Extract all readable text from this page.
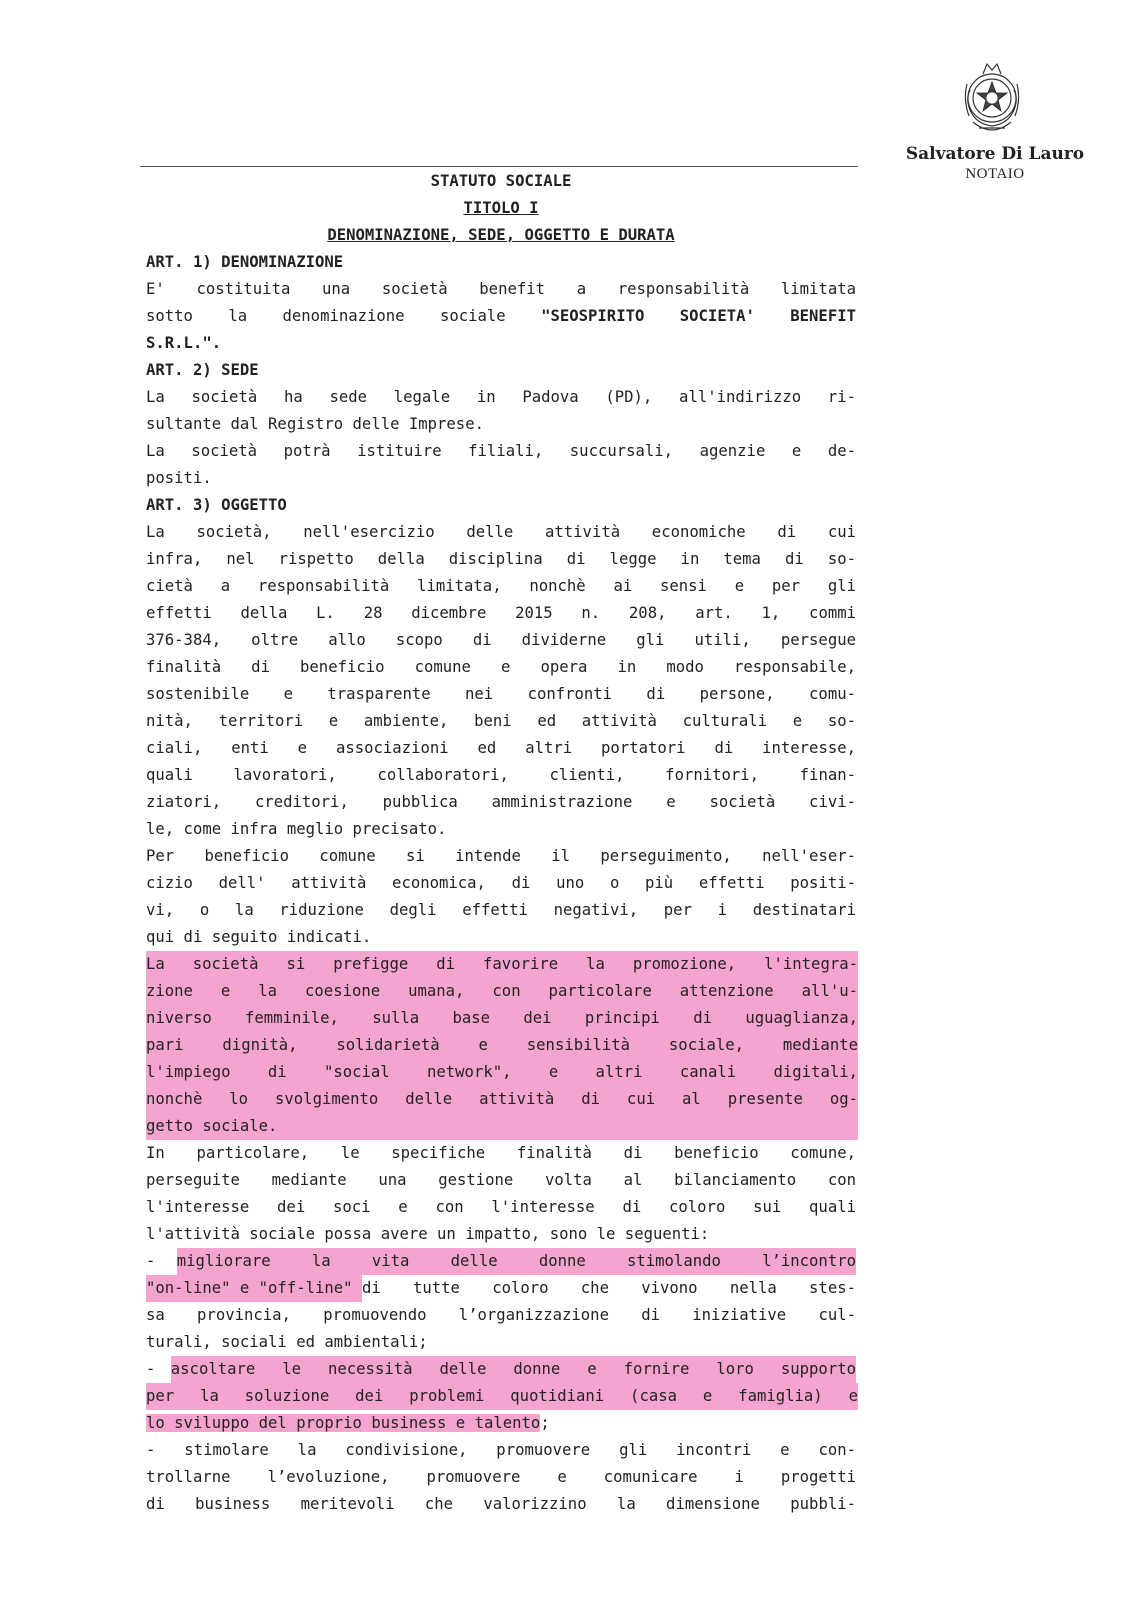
Salvatore Di Lauro
NOTAIO
STATUTO SOCIALE
TITOLO I
DENOMINAZIONE, SEDE, OGGETTO E DURATA
ART. 1) DENOMINAZIONE
E' costituita una società benefit a responsabilità limitata
sotto la denominazione sociale "SEOSPIRITO SOCIETA' BENEFIT
S.R.L.".
ART. 2) SEDE
La società ha sede legale in Padova (PD), all'indirizzo ri-
sultante dal Registro delle Imprese.
La società potrà istituire filiali, succursali, agenzie e de-
positi.
ART. 3) OGGETTO
La società, nell'esercizio delle attività economiche di cui
infra, nel rispetto della disciplina di legge in tema di so-
cietà a responsabilità limitata, nonchè ai sensi e per gli
effetti della L. 28 dicembre 2015 n. 208, art. 1, commi
376-384, oltre allo scopo di dividerne gli utili, persegue
finalità di beneficio comune e opera in modo responsabile,
sostenibile e trasparente nei confronti di persone, comu-
nità, territori e ambiente, beni ed attività culturali e so-
ciali, enti e associazioni ed altri portatori di interesse,
quali lavoratori, collaboratori, clienti, fornitori, finan-
ziatori, creditori, pubblica amministrazione e società civi-
le, come infra meglio precisato.
Per beneficio comune si intende il perseguimento, nell'eser-
cizio dell' attività economica, di uno o più effetti positi-
vi, o la riduzione degli effetti negativi, per i destinatari
qui di seguito indicati.
La società si prefigge di favorire la promozione, l'integra-
zione e la coesione umana, con particolare attenzione all'u-
niverso femminile, sulla base dei principi di uguaglianza,
pari dignità, solidarietà e sensibilità sociale, mediante
l'impiego di "social network", e altri canali digitali,
nonchè lo svolgimento delle attività di cui al presente og-
getto sociale.
In particolare, le specifiche finalità di beneficio comune,
perseguite mediante una gestione volta al bilanciamento con
l'interesse dei soci e con l'interesse di coloro sui quali
l'attività sociale possa avere un impatto, sono le seguenti:
- migliorare la vita delle donne stimolando l’incontro
"on-line" e "off-line" di tutte coloro che vivono nella stes-
sa provincia, promuovendo l’organizzazione di iniziative cul-
turali, sociali ed ambientali;
- ascoltare le necessità delle donne e fornire loro supporto
per la soluzione dei problemi quotidiani (casa e famiglia) e
lo sviluppo del proprio business e talento;
- stimolare la condivisione, promuovere gli incontri e con-
trollarne l’evoluzione, promuovere e comunicare i progetti
di business meritevoli che valorizzino la dimensione pubbli-
